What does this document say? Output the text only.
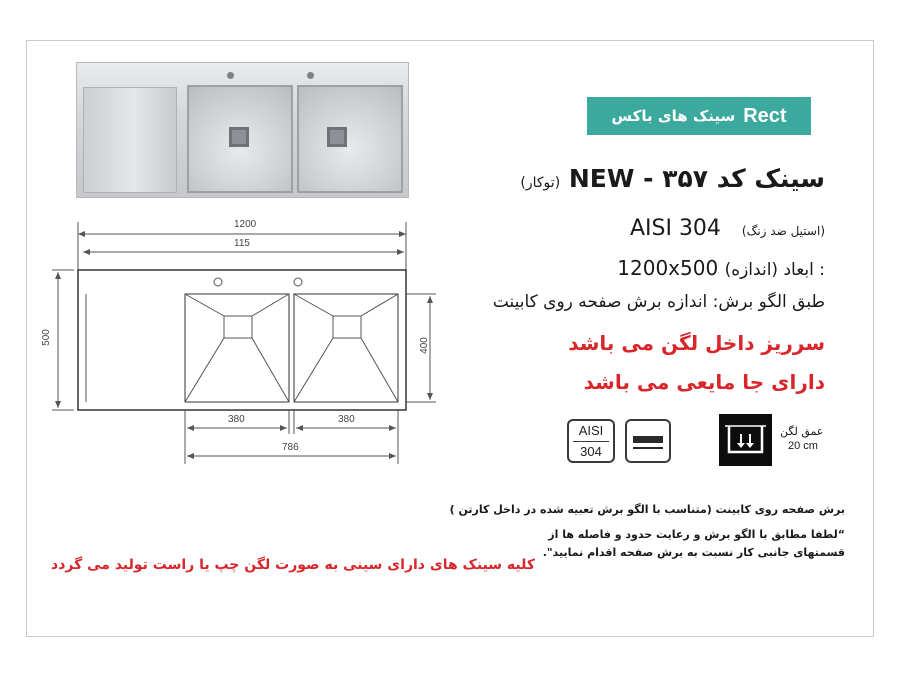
1200
115
500	400
380	380
786
سینک های باکس Rect
سینک کد NEW - ۳۵۷ (توکار)
(استیل ضد زنگ)   AISI 304
: ابعاد (اندازه) 1200x500
طبق الگو برش: اندازه برش صفحه روی کابینت
سرریز داخل لگن می باشد
دارای جا مایعی می باشد
AISI
304
عمق لگن
20 cm
برش صفحه روی کابینت (متناسب با الگو برش تعبیه شده در داخل کارتن )
“لطفا مطابق با الگو برش و رعایت حدود و فاصله ها از
قسمتهای جانبی کار نسبت به برش صفحه اقدام نمایید".
کلیه سینک های دارای سینی به صورت لگن چپ یا راست تولید می گردد
